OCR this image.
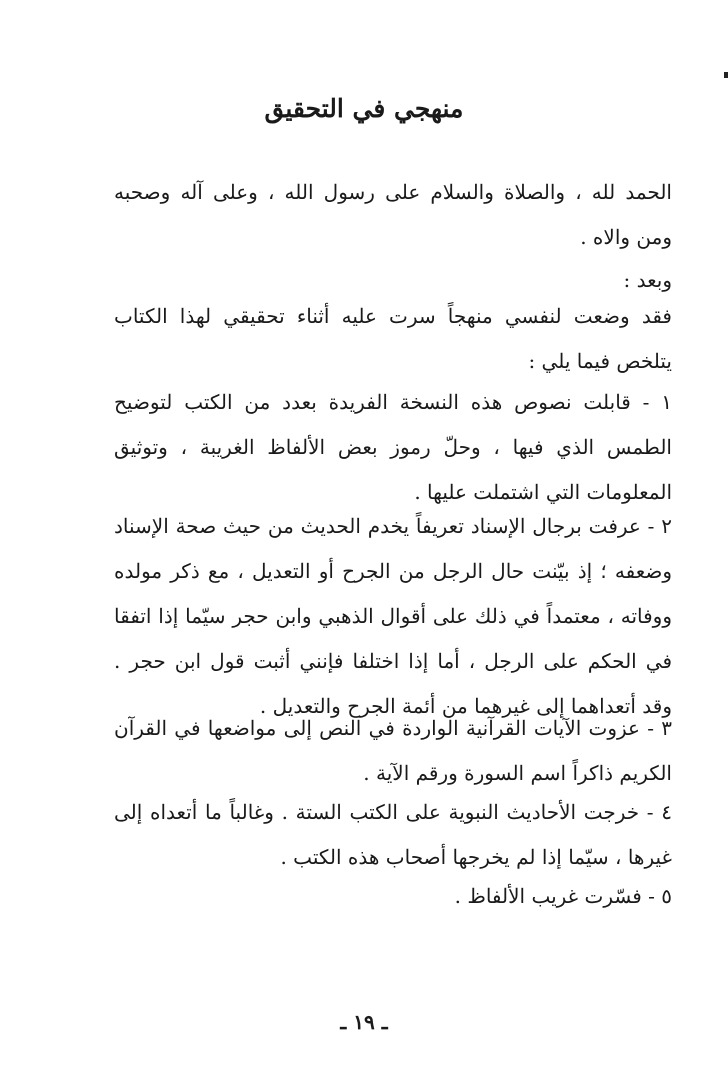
منهجي في التحقيق

الحمد لله ، والصلاة والسلام على رسول الله ، وعلى آله وصحبه ومن والاه .

وبعد :

فقد وضعت لنفسي منهجاً سرت عليه أثناء تحقيقي لهذا الكتاب يتلخص فيما يلي :

١ - قابلت نصوص هذه النسخة الفريدة بعدد من الكتب لتوضيح الطمس الذي فيها ، وحلّ رموز بعض الألفاظ الغريبة ، وتوثيق المعلومات التي اشتملت عليها .

٢ - عرفت برجال الإسناد تعريفاً يخدم الحديث من حيث صحة الإسناد وضعفه ؛ إذ بيّنت حال الرجل من الجرح أو التعديل ، مع ذكر مولده ووفاته ، معتمداً في ذلك على أقوال الذهبي وابن حجر سيّما إذا اتفقا في الحكم على الرجل ، أما إذا اختلفا فإنني أثبت قول ابن حجر . وقد أتعداهما إلى غيرهما من أئمة الجرح والتعديل .

٣ - عزوت الآيات القرآنية الواردة في النص إلى مواضعها في القرآن الكريم ذاكراً اسم السورة ورقم الآية .

٤ - خرجت الأحاديث النبوية على الكتب الستة . وغالباً ما أتعداه إلى غيرها ، سيّما إذا لم يخرجها أصحاب هذه الكتب .

٥ - فسّرت غريب الألفاظ .

ـ ١٩ ـ
